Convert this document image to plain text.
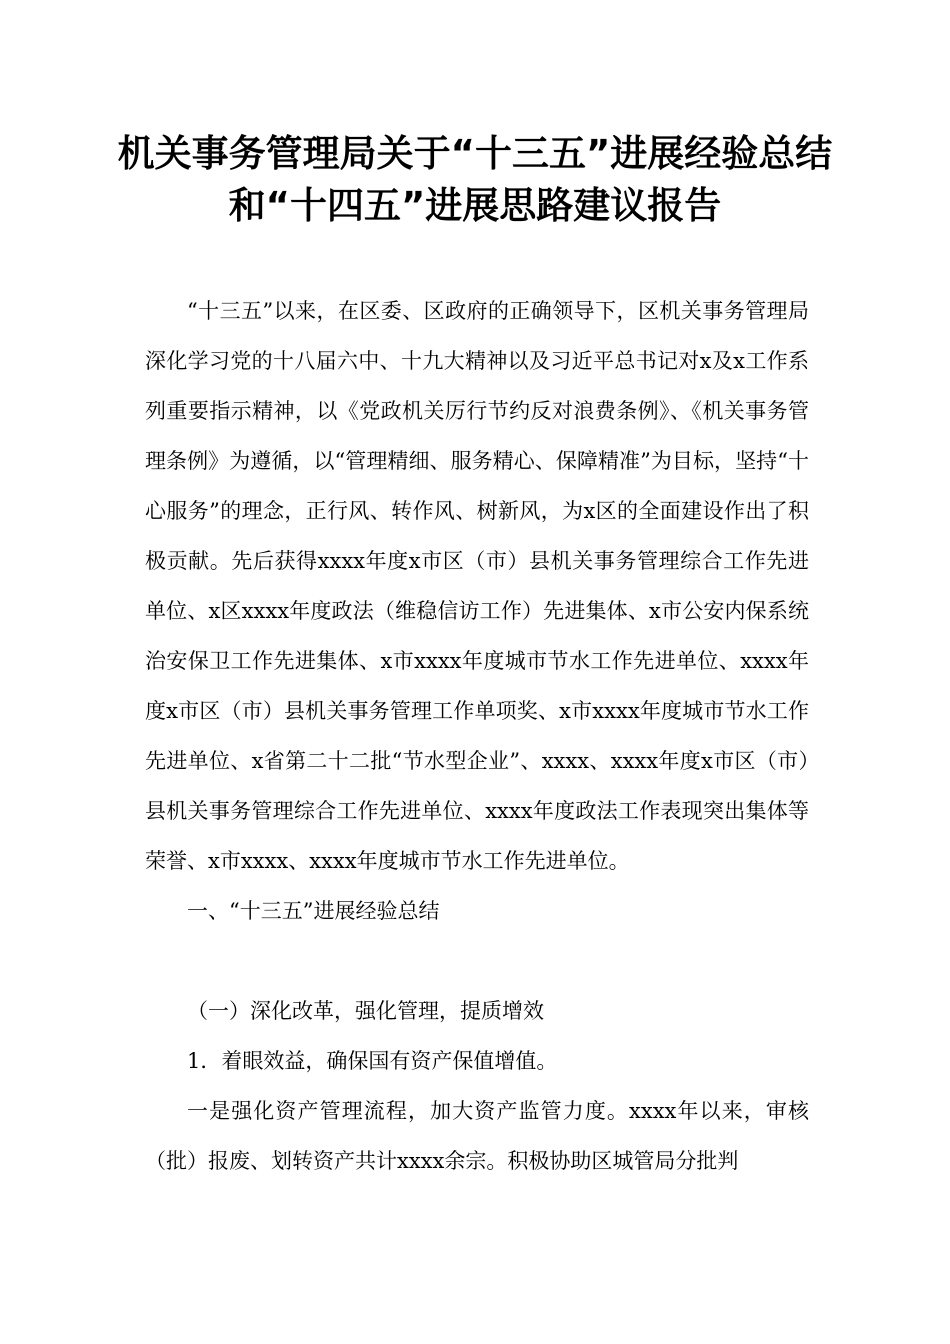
机关事务管理局关于“十三五”进展经验总结和“十四五”进展思路建议报告

“十三五”以来，在区委、区政府的正确领导下，区机关事务管理局深化学习党的十八届六中、十九大精神以及习近平总书记对x及x工作系列重要指示精神，以《党政机关厉行节约反对浪费条例》、《机关事务管理条例》为遵循，以“管理精细、服务精心、保障精准”为目标，坚持“十心服务”的理念，正行风、转作风、树新风，为x区的全面建设作出了积极贡献。先后获得xxxx年度x市区（市）县机关事务管理综合工作先进单位、x区xxxx年度政法（维稳信访工作）先进集体、x市公安内保系统治安保卫工作先进集体、x市xxxx年度城市节水工作先进单位、xxxx年度x市区（市）县机关事务管理工作单项奖、x市xxxx年度城市节水工作先进单位、x省第二十二批“节水型企业”、xxxx、xxxx年度x市区（市）县机关事务管理综合工作先进单位、xxxx年度政法工作表现突出集体等荣誉、x市xxxx、xxxx年度城市节水工作先进单位。

一、“十三五”进展经验总结

（一）深化改革，强化管理，提质增效

1．着眼效益，确保国有资产保值增值。

一是强化资产管理流程，加大资产监管力度。xxxx年以来，审核（批）报废、划转资产共计xxxx余宗。积极协助区城管局分批判
